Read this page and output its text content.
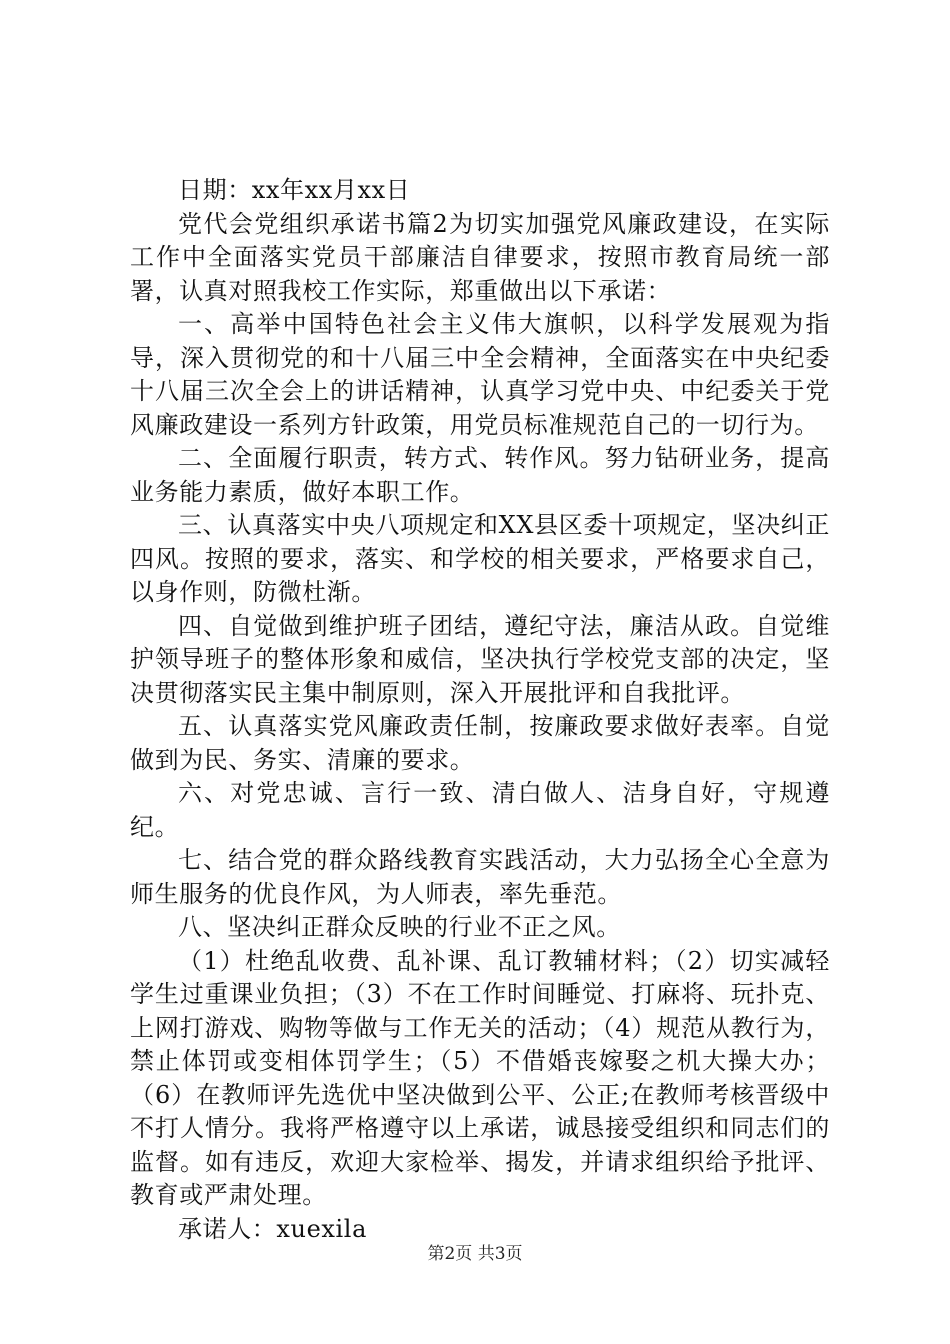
日期：xx年xx月xx日

党代会党组织承诺书篇2为切实加强党风廉政建设，在实际工作中全面落实党员干部廉洁自律要求，按照市教育局统一部署，认真对照我校工作实际，郑重做出以下承诺：

一、高举中国特色社会主义伟大旗帜，以科学发展观为指导，深入贯彻党的和十八届三中全会精神，全面落实在中央纪委十八届三次全会上的讲话精神，认真学习党中央、中纪委关于党风廉政建设一系列方针政策，用党员标准规范自己的一切行为。

二、全面履行职责，转方式、转作风。努力钻研业务，提高业务能力素质，做好本职工作。

三、认真落实中央八项规定和XX县区委十项规定，坚决纠正四风。按照的要求，落实、和学校的相关要求，严格要求自己，以身作则，防微杜渐。

四、自觉做到维护班子团结，遵纪守法，廉洁从政。自觉维护领导班子的整体形象和威信，坚决执行学校党支部的决定，坚决贯彻落实民主集中制原则，深入开展批评和自我批评。

五、认真落实党风廉政责任制，按廉政要求做好表率。自觉做到为民、务实、清廉的要求。

六、对党忠诚、言行一致、清白做人、洁身自好，守规遵纪。

七、结合党的群众路线教育实践活动，大力弘扬全心全意为师生服务的优良作风，为人师表，率先垂范。

八、坚决纠正群众反映的行业不正之风。

（1）杜绝乱收费、乱补课、乱订教辅材料；（2）切实减轻学生过重课业负担；（3）不在工作时间睡觉、打麻将、玩扑克、上网打游戏、购物等做与工作无关的活动；（4）规范从教行为，禁止体罚或变相体罚学生；（5）不借婚丧嫁娶之机大操大办；（6）在教师评先选优中坚决做到公平、公正;在教师考核晋级中不打人情分。我将严格遵守以上承诺，诚恳接受组织和同志们的监督。如有违反，欢迎大家检举、揭发，并请求组织给予批评、教育或严肃处理。

承诺人：xuexila

第2页 共3页
